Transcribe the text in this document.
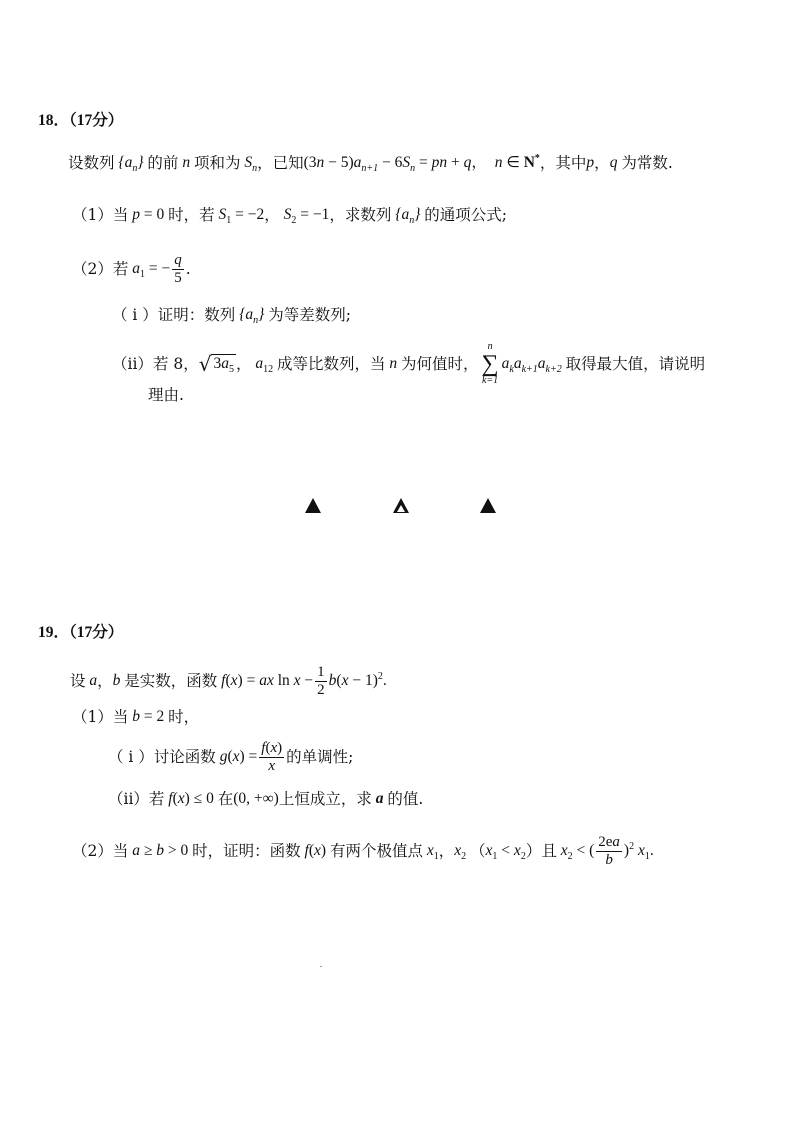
18．（17分）
设数列 $\{a_n\}$ 的前 n 项和为 $S_n$ ，已知 $(3n - 5)a_{n+1} - 6S_n$ = pn + q，  n ∈ N* ，其中 p ， q 为常数.
（1）当 p = 0 时，若 $S_1 = -2$ ， $S_2 = -1$ ，求数列 $\{a_n\}$ 的通项公式;
（2）若 $a_1$ = − $\frac{q}{5}$ .
（ i ）证明：数列 $\{a_n\}$ 为等差数列;
（ii）若 8， √ $3a_5$ ， $a_{12}$ 成等比数列，当 n 为何值时，
n
∑
k=1
$a_ka_{k+1}a_{k+2}$ 取得最大值，请说明
理由.
19．（17分）
设 a ， b 是实数，函数 f(x) = ax $\ln x - \frac{1}{2} b(x - 1)^2$.
（1）当 b = 2 时，
（ i ）讨论函数 $g(x) = \frac{f(x)}{x}$ 的单调性;
（ii）若 f(x) ≤ 0 在 (0, +∞) 上恒成立，求 a 的值.
（2）当 a ≥ b > 0 时，证明：函数 f(x) 有两个极值点 $x_1$ ， $x_2$ （ $x_1 < x_2$ ）且 $x_2$ < ( $\frac{2ea}{b} )^2$ $x_1$.
